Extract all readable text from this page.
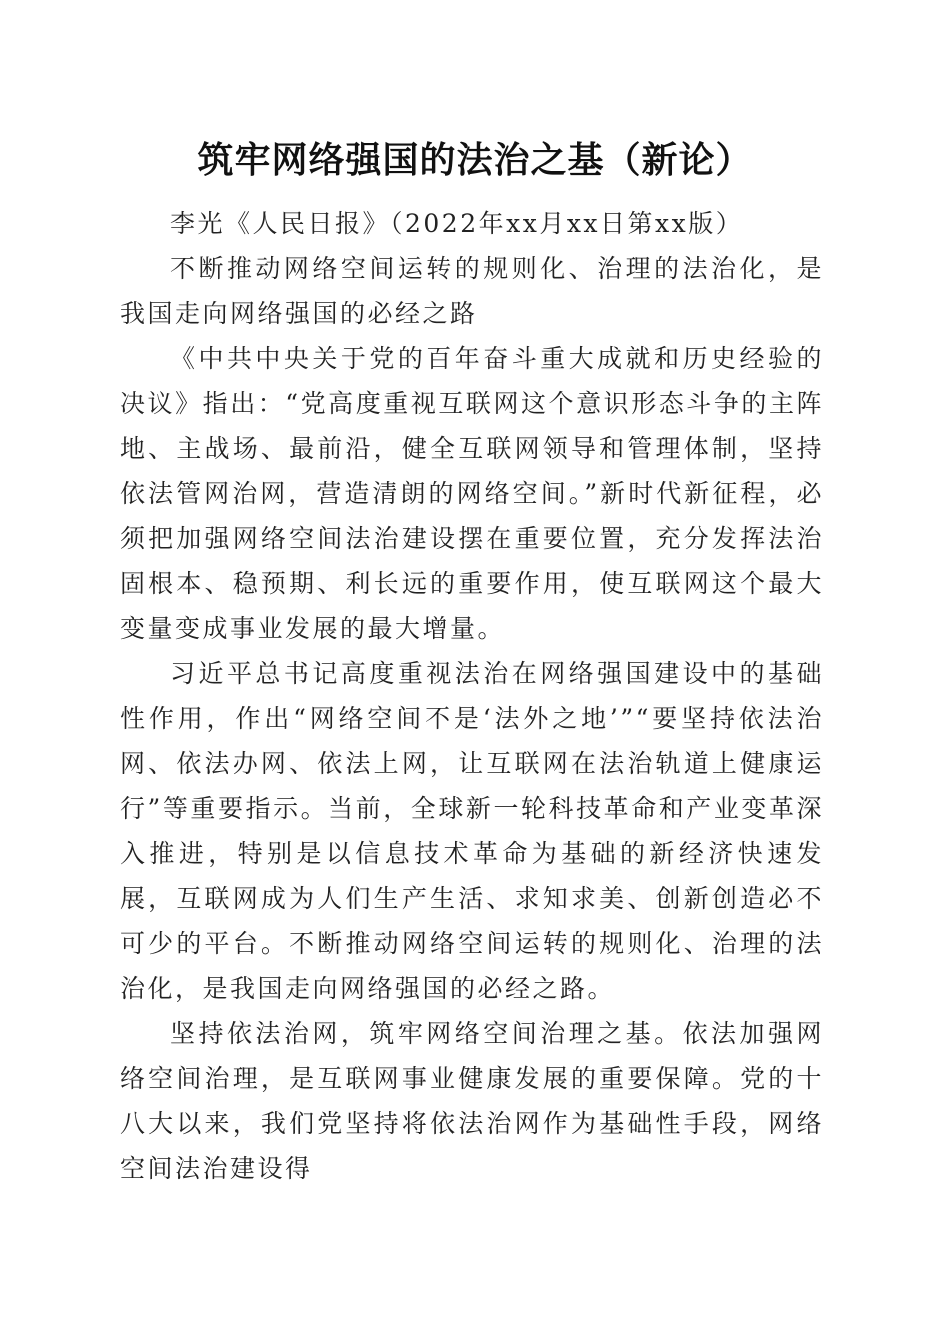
筑牢网络强国的法治之基（新论）

李光《人民日报》（2022年xx月xx日第xx版）

不断推动网络空间运转的规则化、治理的法治化，是我国走向网络强国的必经之路

《中共中央关于党的百年奋斗重大成就和历史经验的决议》指出：“党高度重视互联网这个意识形态斗争的主阵地、主战场、最前沿，健全互联网领导和管理体制，坚持依法管网治网，营造清朗的网络空间。”新时代新征程，必须把加强网络空间法治建设摆在重要位置，充分发挥法治固根本、稳预期、利长远的重要作用，使互联网这个最大变量变成事业发展的最大增量。

习近平总书记高度重视法治在网络强国建设中的基础性作用，作出“网络空间不是‘法外之地’”“要坚持依法治网、依法办网、依法上网，让互联网在法治轨道上健康运行”等重要指示。当前，全球新一轮科技革命和产业变革深入推进，特别是以信息技术革命为基础的新经济快速发展，互联网成为人们生产生活、求知求美、创新创造必不可少的平台。不断推动网络空间运转的规则化、治理的法治化，是我国走向网络强国的必经之路。

坚持依法治网，筑牢网络空间治理之基。依法加强网络空间治理，是互联网事业健康发展的重要保障。党的十八大以来，我们党坚持将依法治网作为基础性手段，网络空间法治建设得
